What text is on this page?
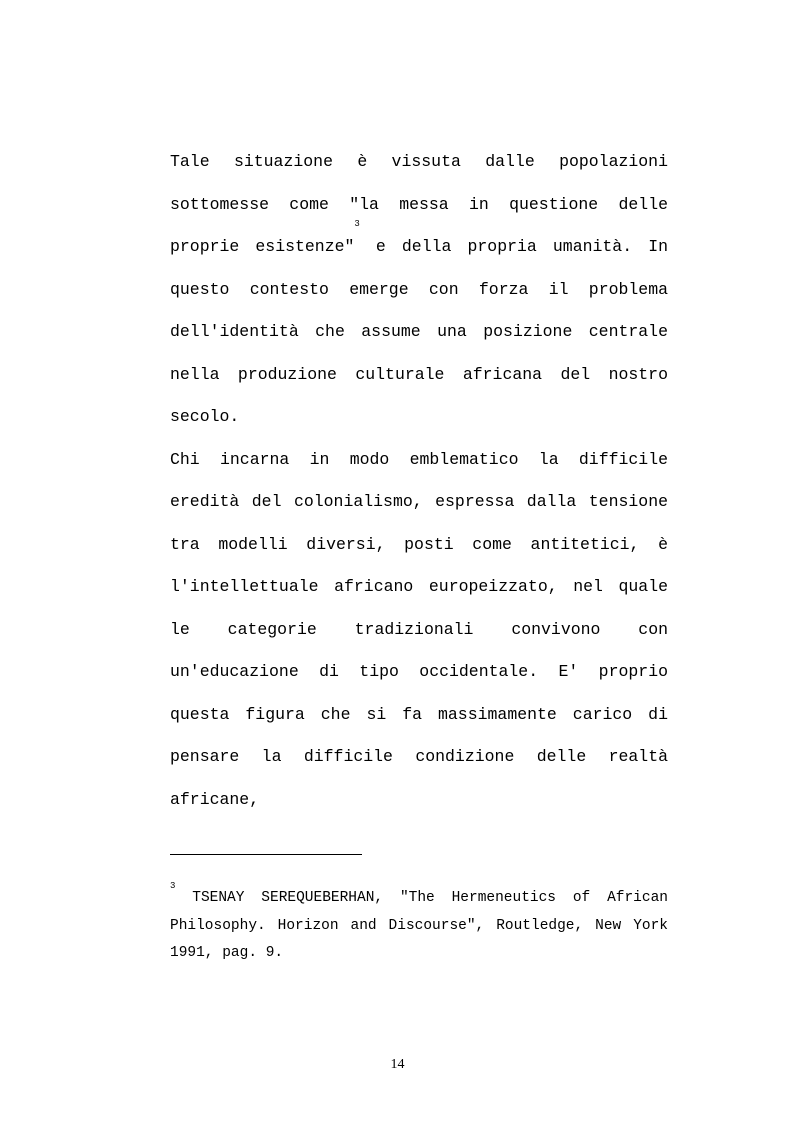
Tale situazione è vissuta dalle popolazioni sottomesse come "la messa in questione delle proprie esistenze"$^3$ e della propria umanità. In questo contesto emerge con forza il problema dell'identità che assume una posizione centrale nella produzione culturale africana del nostro secolo.

Chi incarna in modo emblematico la difficile eredità del colonialismo, espressa dalla tensione tra modelli diversi, posti come antitetici, è l'intellettuale africano europeizzato, nel quale le categorie tradizionali convivono con un'educazione di tipo occidentale. E' proprio questa figura che si fa massimamente carico di pensare la difficile condizione delle realtà africane,

$^3$ TSENAY SEREQUEBERHAN, "The Hermeneutics of African Philosophy. Horizon and Discourse", Routledge, New York 1991, pag. 9.

14
